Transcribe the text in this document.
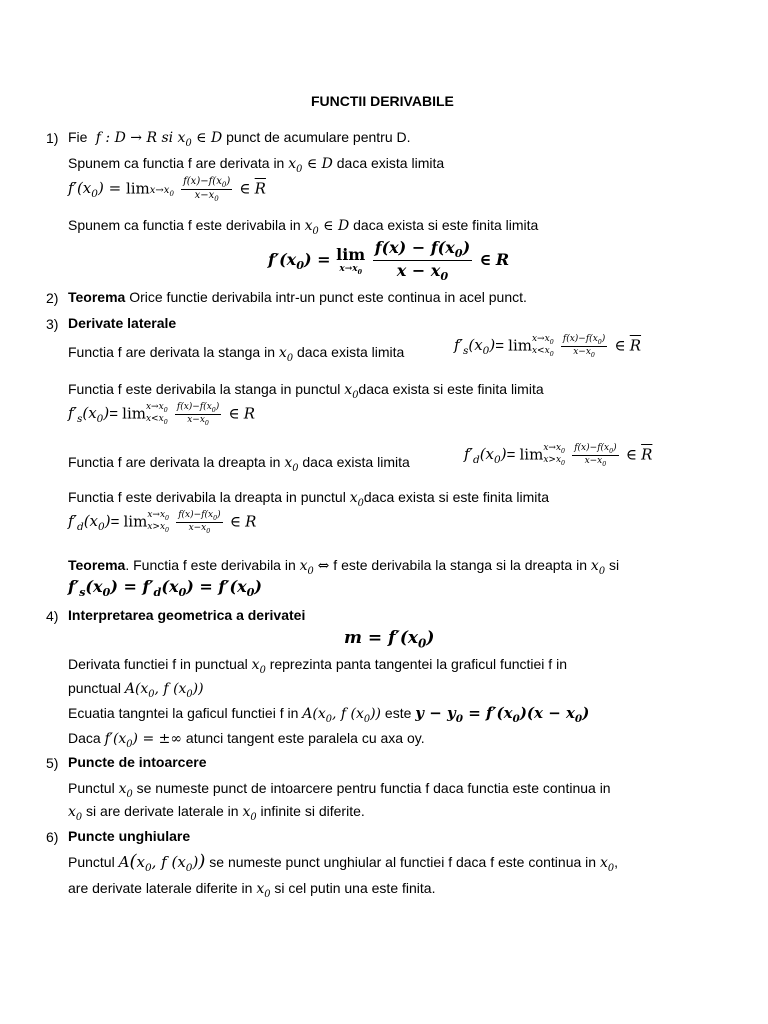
FUNCTII DERIVABILE
1) Fie  f : D → R si $x_0$ ∈ D punct de acumulare pentru D.
Spunem ca functia f are derivata in $x_0$ ∈ D daca exista limita
$f'(x_0) = \lim x\to x_0 \frac{f(x)-f(x_0)}{x-x_0}$ ∈ $\overline{R}$
Spunem ca functia f este derivabila in $x_0$ ∈ D daca exista si este finita limita
$f'(x_0) = \lim$
$x\to x_0$
$\frac{f(x) - f(x_0)}{x - x_0}$ ∈ R
2) Teorema Orice functie derivabila intr-un punct este continua in acel punct.
3) Derivate laterale
Functia f are derivata la stanga in $x_0$ daca exista limita	$f'_s(x_0)= \lim x\to x_0$
$x<x_0$
$\frac{f(x)-f(x_0)}{x-x_0}$ ∈ $\overline{R}$
Functia f este derivabila la stanga in punctul $x_0daca$ exista si este finita limita
$f'_s(x_0)= \lim x\to x_0$
$x<x_0$
$\frac{f(x)-f(x_0)}{x-x_0}$ ∈ R
Functia f are derivata la dreapta in $x_0$ daca exista limita	$f'_d(x_0)= \lim x\to x_0$
$x>x_0$
$\frac{f(x)-f(x_0)}{x-x_0}$ ∈ $\overline{R}$
Functia f este derivabila la dreapta in punctul $x_0daca$ exista si este finita limita
$f'_d(x_0)= \lim x\to x_0$
$x>x_0$
$\frac{f(x)-f(x_0)}{x-x_0}$ ∈ R
Teorema. Functia f este derivabila in $x_0$ ⇔ f este derivabila la stanga si la dreapta in $x_0$ si
$f'_s(x_0) = f'_d(x_0) = f'(x_0)$
4) Interpretarea geometrica a derivatei
$m = f'(x_0)$
Derivata functiei f in punctual $x_0$ reprezinta panta tangentei la graficul functiei f in
punctual $A(x_0$, f $(x_0)$)
Ecuatia tangntei la gaficul functiei f in $A(x_0$, f $(x_0)$) este $y - y_0 = f'(x_0)(x - x_0)$
Daca $f'(x_0)$ = ±∞ atunci tangent este paralela cu axa oy.
5) Puncte de intoarcere
Punctul $x_0$ se numeste punct de intoarcere pentru functia f daca functia este continua in
$x_0$ si are derivate laterale in $x_0$ infinite si diferite.
6) Puncte unghiulare
Punctul $A(x_0$, f $(x_0)$) se numeste punct unghiular al functiei f daca f este continua in $x_0$,
are derivate laterale diferite in $x_0$ si cel putin una este finita.
